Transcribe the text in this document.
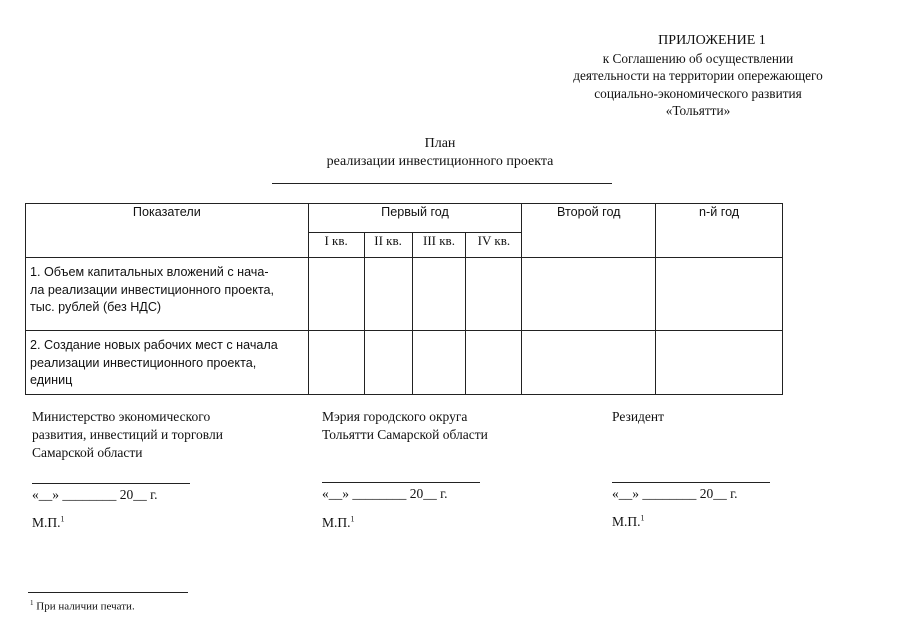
ПРИЛОЖЕНИЕ 1
к Соглашению об осуществлении
деятельности на территории опережающего
социально-экономического развития
«Тольятти»
План
реализации инвестиционного проекта
Показатели	Первый год				Второй год	n-й год
	I кв.	II кв.	III кв.	IV кв.		

1. Объем капитальных вложений с нача-
ла реализации инвестиционного проекта,
тыс. рублей (без НДС)						

2. Создание новых рабочих мест с начала
реализации инвестиционного проекта,
единиц						

Министерство экономического
развития, инвестиций и торговли
Самарской области
«__» ________ 20__ г.
М.П.$^1$
Мэрия городского округа
Тольятти Самарской области
«__» ________ 20__ г.
М.П.$^1$
Резидент
«__» ________ 20__ г.
М.П.$^1$
$^1$ При наличии печати.
